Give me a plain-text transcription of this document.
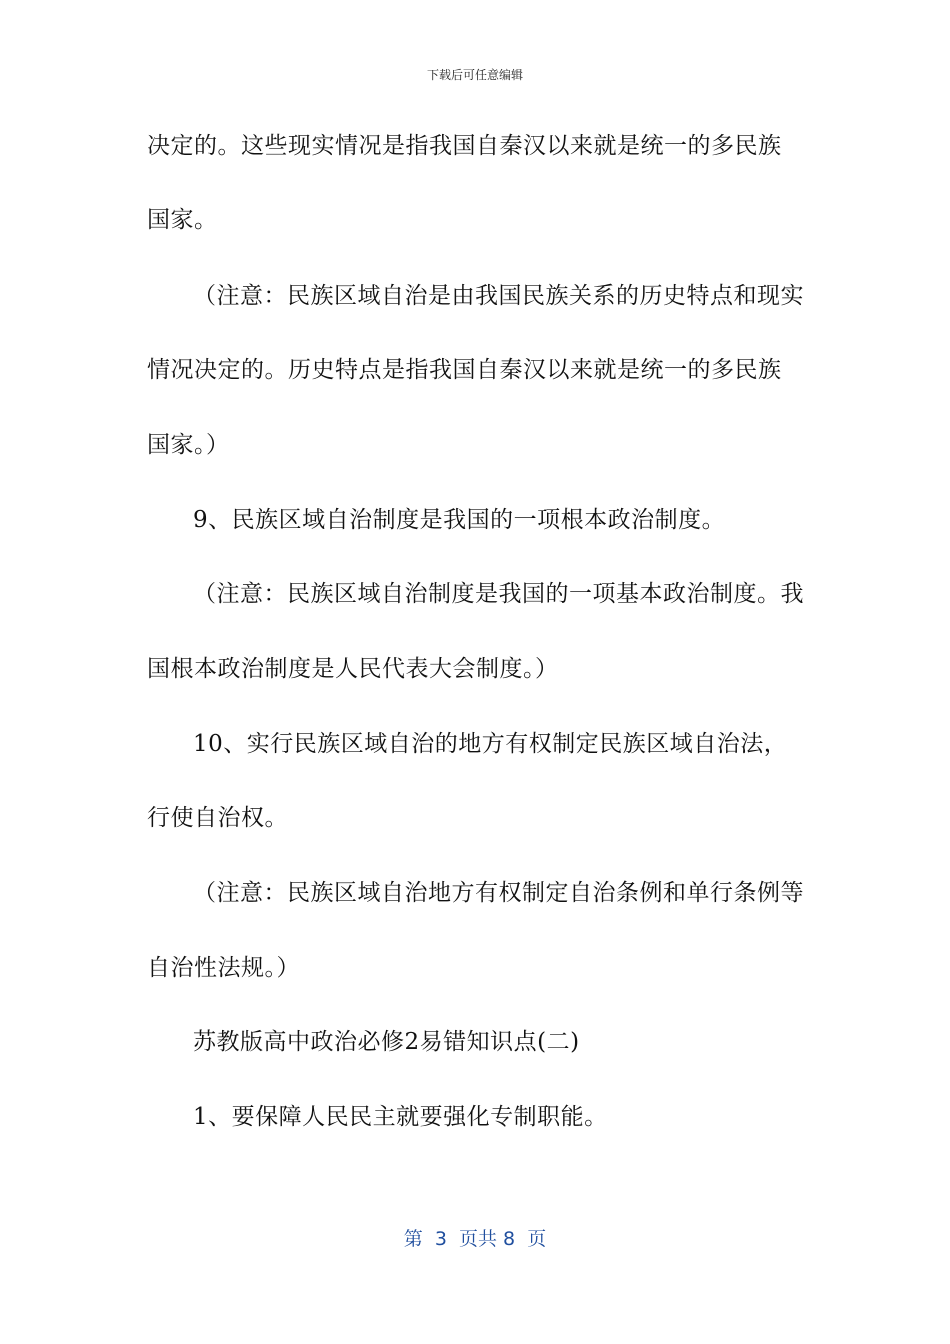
下载后可任意编辑
决定的。这些现实情况是指我国自秦汉以来就是统一的多民族
国家。
（注意：民族区域自治是由我国民族关系的历史特点和现实
情况决定的。历史特点是指我国自秦汉以来就是统一的多民族
国家。）
9、民族区域自治制度是我国的一项根本政治制度。
（注意：民族区域自治制度是我国的一项基本政治制度。我
国根本政治制度是人民代表大会制度。）
10、实行民族区域自治的地方有权制定民族区域自治法，
行使自治权。
（注意：民族区域自治地方有权制定自治条例和单行条例等
自治性法规。）
苏教版高中政治必修2易错知识点(二)
1、要保障人民民主就要强化专制职能。
第  3  页共 8  页
